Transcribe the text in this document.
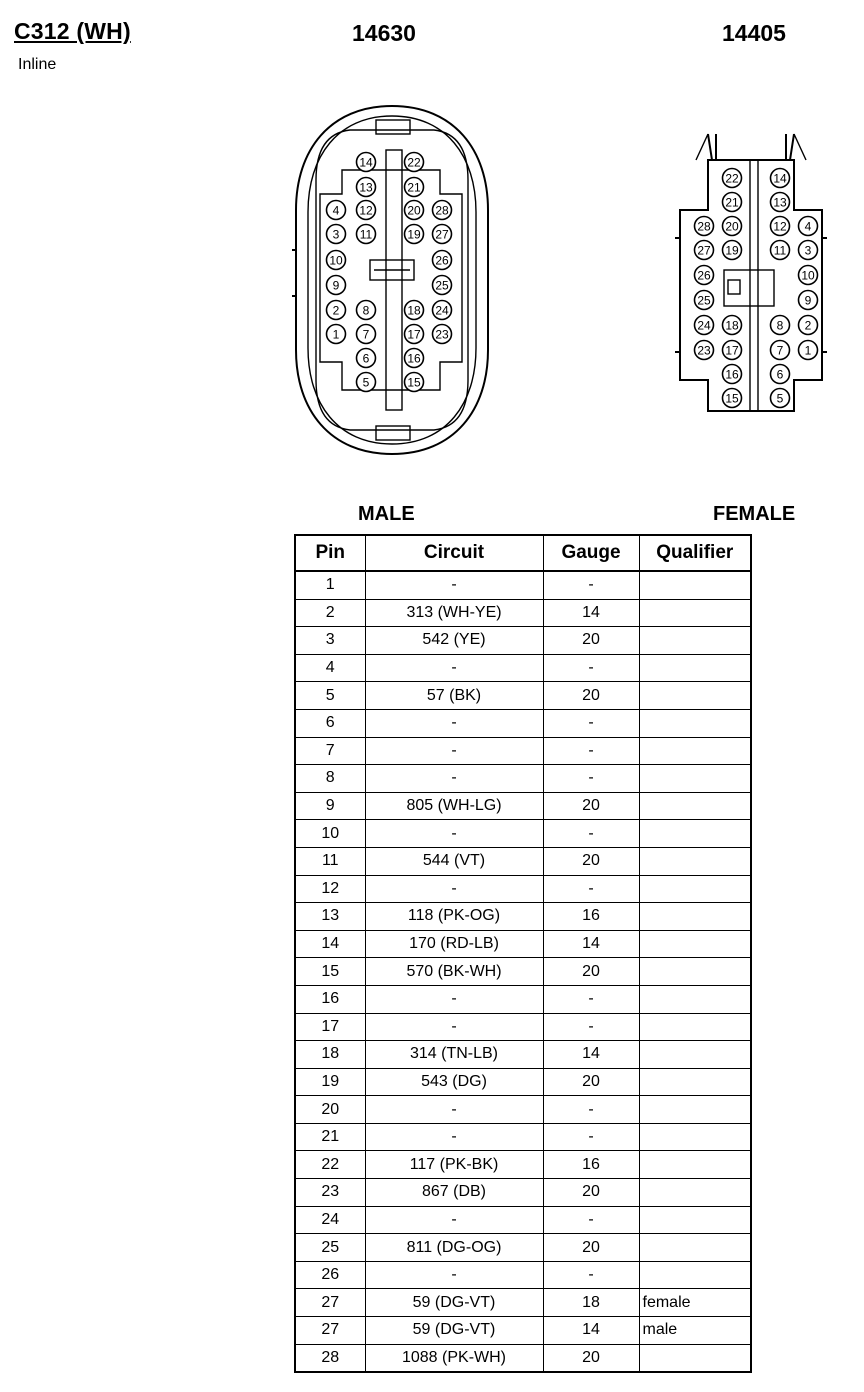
C312 (WH)
Inline
14630	14405
4
3
10
9
2
1
14
13
12
11
8
7
6
5
22
21
20
19
18
17
16
15
28
27
26
25
24
23
28
27
26
25
24
23
22
21
20
19
18
17
16
15
14
13
12
11
8
7
6
5
4
3
10
9
2
1
MALE	FEMALE
Pin	Circuit	Gauge	Qualifier
1	-	-	
2	313 (WH-YE)	14	
3	542 (YE)	20	
4	-	-	
5	57 (BK)	20	
6	-	-	
7	-	-	
8	-	-	
9	805 (WH-LG)	20	
10	-	-	
11	544 (VT)	20	
12	-	-	
13	118 (PK-OG)	16	
14	170 (RD-LB)	14	
15	570 (BK-WH)	20	
16	-	-	
17	-	-	
18	314 (TN-LB)	14	
19	543 (DG)	20	
20	-	-	
21	-	-	
22	117 (PK-BK)	16	
23	867 (DB)	20	
24	-	-	
25	811 (DG-OG)	20	
26	-	-	
27	59 (DG-VT)	18	female
27	59 (DG-VT)	14	male
28	1088 (PK-WH)	20	
